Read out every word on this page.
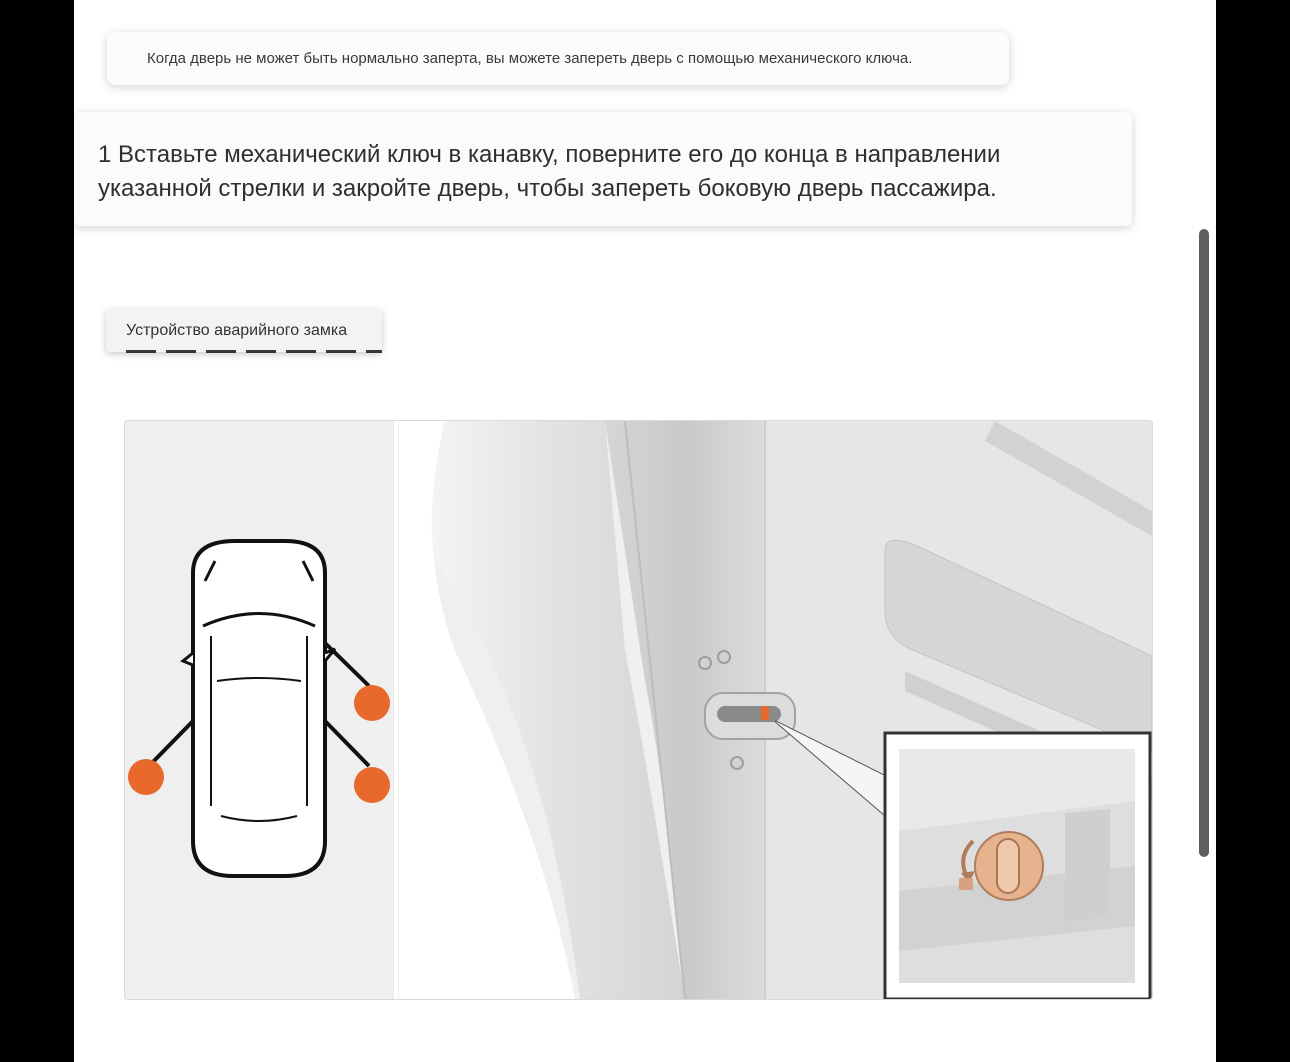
Когда дверь не может быть нормально заперта, вы можете запереть дверь с помощью механического ключа.
1 Вставьте механический ключ в канавку, поверните его до конца в направлении указанной стрелки и закройте дверь, чтобы запереть боковую дверь пассажира.
Устройство аварийного замка
